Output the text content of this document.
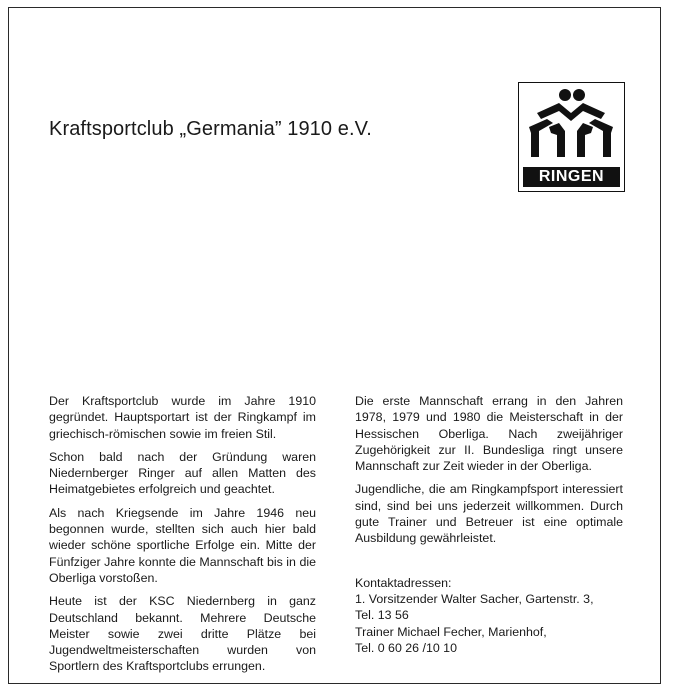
Kraftsportclub „Germania” 1910 e.V.
RINGEN

Der Kraftsportclub wurde im Jahre 1910 gegründet. Hauptsportart ist der Ringkampf im griechisch-römischen sowie im freien Stil.

Schon bald nach der Gründung waren Niedernberger Ringer auf allen Matten des Heimatgebietes erfolgreich und geachtet.

Als nach Kriegsende im Jahre 1946 neu begonnen wurde, stellten sich auch hier bald wieder schöne sportliche Erfolge ein. Mitte der Fünfziger Jahre konnte die Mannschaft bis in die Oberliga vorstoßen.

Heute ist der KSC Niedernberg in ganz Deutschland bekannt. Mehrere Deutsche Meister sowie zwei dritte Plätze bei Jugendweltmeisterschaften wurden von Sportlern des Kraftsportclubs errungen.

Die erste Mannschaft errang in den Jahren 1978, 1979 und 1980 die Meisterschaft in der Hessischen Oberliga. Nach zweijähriger Zugehörigkeit zur II. Bundesliga ringt unsere Mannschaft zur Zeit wieder in der Oberliga.

Jugendliche, die am Ringkampfsport interessiert sind, sind bei uns jederzeit willkommen. Durch gute Trainer und Betreuer ist eine optimale Ausbildung gewährleistet.

Kontaktadressen:

1. Vorsitzender Walter Sacher, Gartenstr. 3,

Tel. 13 56

Trainer Michael Fecher, Marienhof,

Tel. 0 60 26 /10 10
